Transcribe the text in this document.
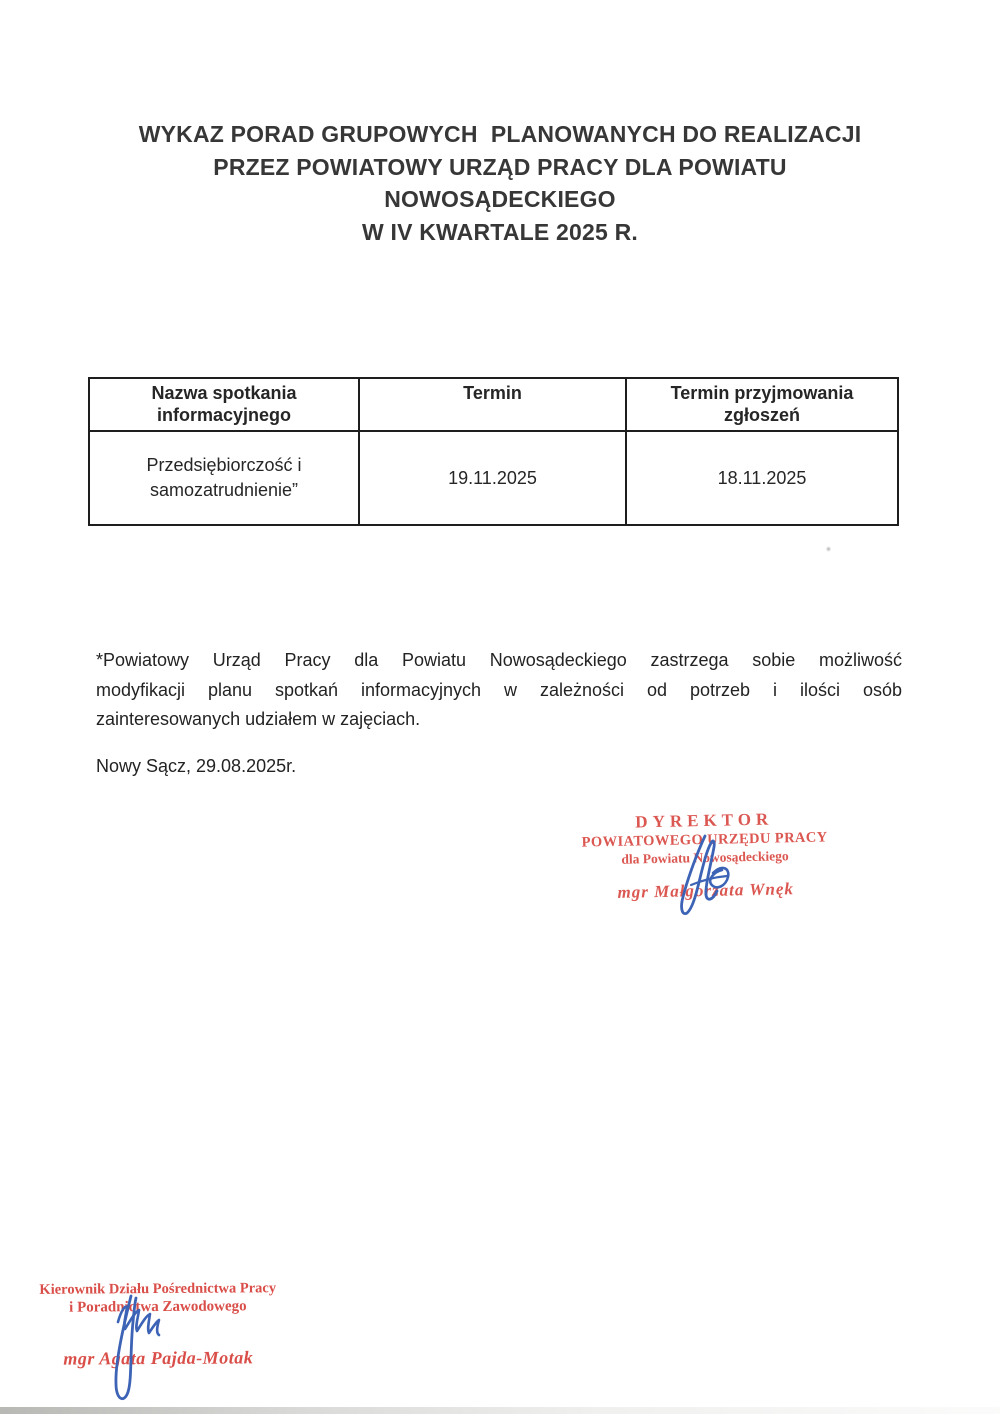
WYKAZ PORAD GRUPOWYCH  PLANOWANYCH DO REALIZACJI
PRZEZ POWIATOWY URZĄD PRACY DLA POWIATU
NOWOSĄDECKIEGO
W IV KWARTALE 2025 R.
Nazwa spotkania informacyjnego	Termin	Termin przyjmowania zgłoszeń
Przedsiębiorczość i samozatrudnienie”	19.11.2025	18.11.2025
*Powiatowy Urząd Pracy dla Powiatu Nowosądeckiego zastrzega sobie możliwość
modyfikacji planu spotkań informacyjnych w zależności od potrzeb i ilości osób
zainteresowanych udziałem w zajęciach.
Nowy Sącz, 29.08.2025r.
DYREKTOR
POWIATOWEGO URZĘDU PRACY
dla Powiatu Nowosądeckiego
mgr Małgorzata Wnęk
Kierownik Działu Pośrednictwa Pracy
i Poradnictwa Zawodowego
mgr Agata Pajda-Motak
